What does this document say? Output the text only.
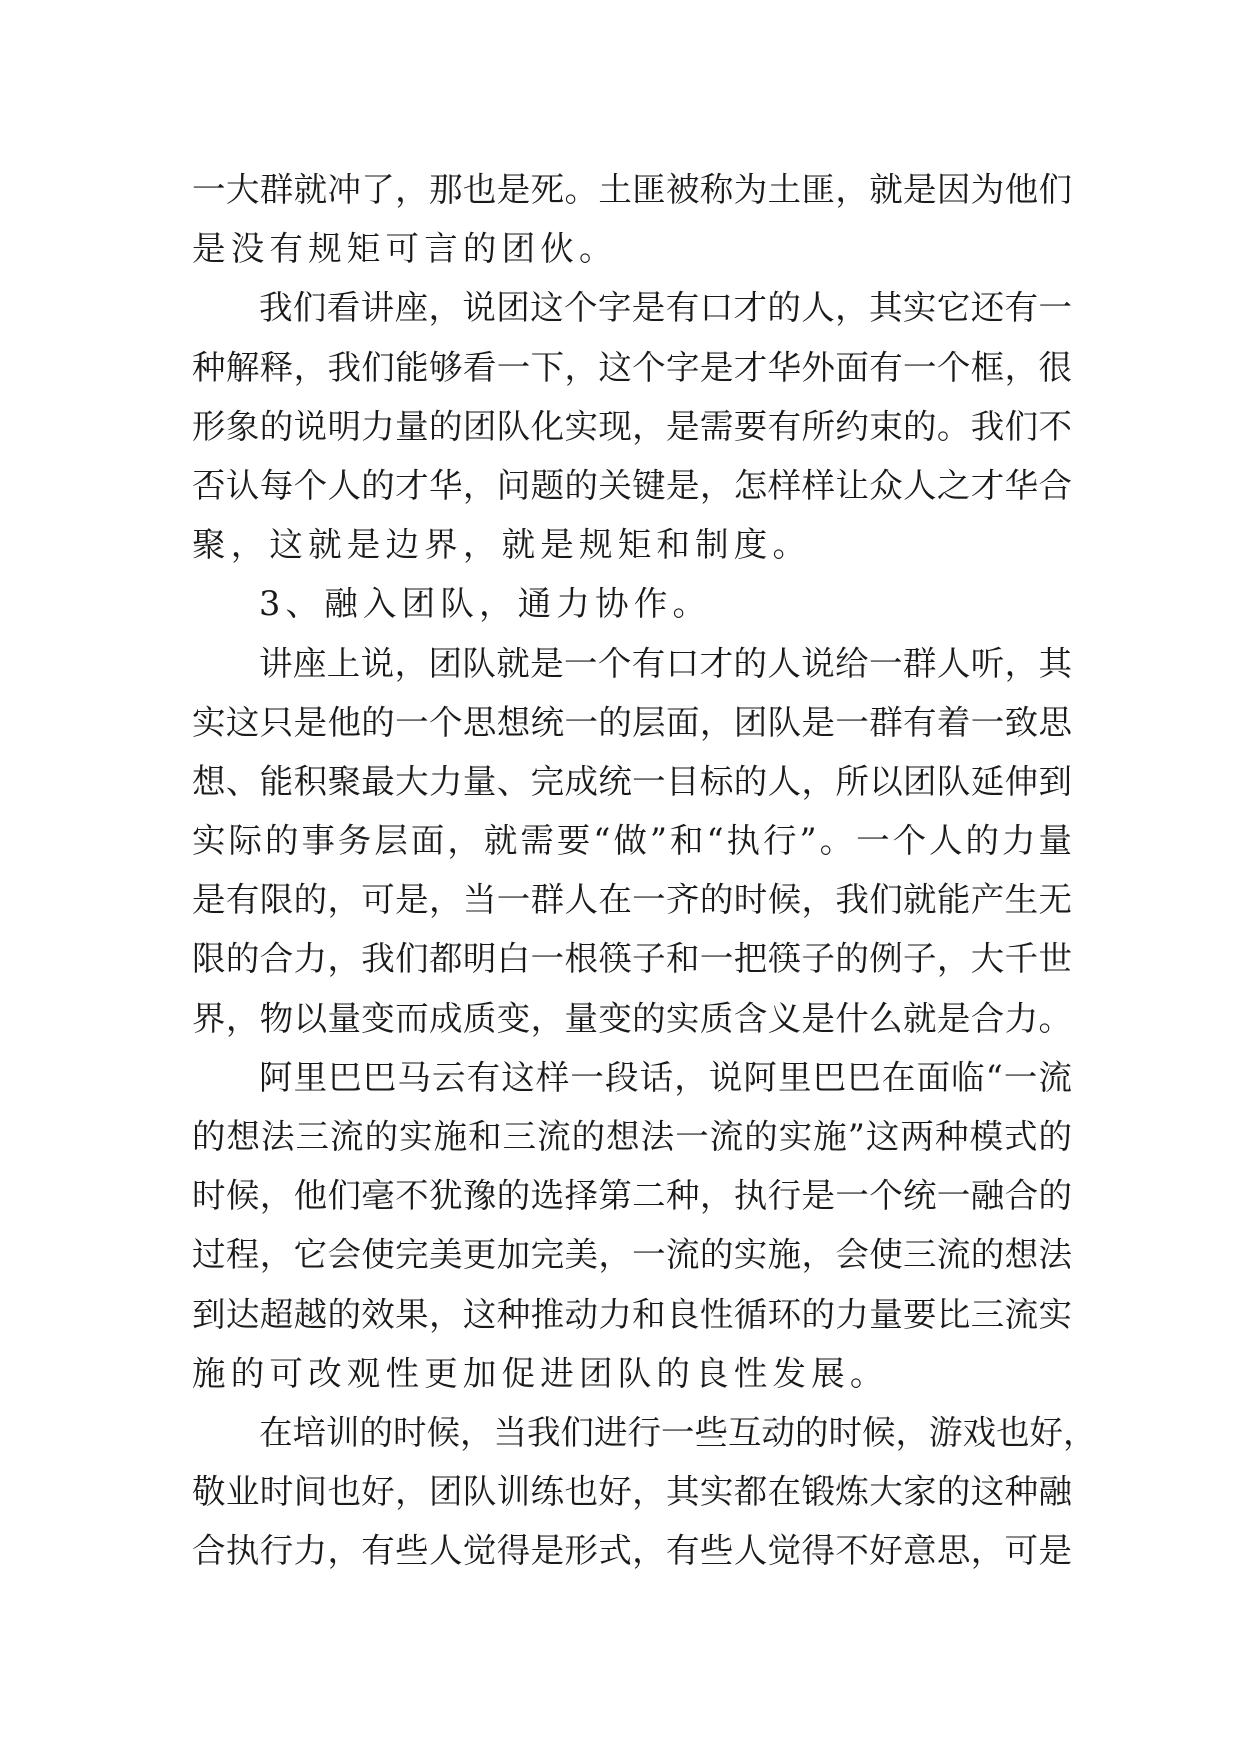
一大群就冲了，那也是死。土匪被称为土匪，就是因为他们
是没有规矩可言的团伙。
我们看讲座，说团这个字是有口才的人，其实它还有一
种解释，我们能够看一下，这个字是才华外面有一个框，很
形象的说明力量的团队化实现，是需要有所约束的。我们不
否认每个人的才华，问题的关键是，怎样样让众人之才华合
聚，这就是边界，就是规矩和制度。
3、融入团队，通力协作。
讲座上说，团队就是一个有口才的人说给一群人听，其
实这只是他的一个思想统一的层面，团队是一群有着一致思
想、能积聚最大力量、完成统一目标的人，所以团队延伸到
实际的事务层面，就需要“做”和“执行”。一个人的力量
是有限的，可是，当一群人在一齐的时候，我们就能产生无
限的合力，我们都明白一根筷子和一把筷子的例子，大千世
界，物以量变而成质变，量变的实质含义是什么就是合力。
阿里巴巴马云有这样一段话，说阿里巴巴在面临“一流
的想法三流的实施和三流的想法一流的实施”这两种模式的
时候，他们毫不犹豫的选择第二种，执行是一个统一融合的
过程，它会使完美更加完美，一流的实施，会使三流的想法
到达超越的效果，这种推动力和良性循环的力量要比三流实
施的可改观性更加促进团队的良性发展。
在培训的时候，当我们进行一些互动的时候，游戏也好，
敬业时间也好，团队训练也好，其实都在锻炼大家的这种融
合执行力，有些人觉得是形式，有些人觉得不好意思，可是
